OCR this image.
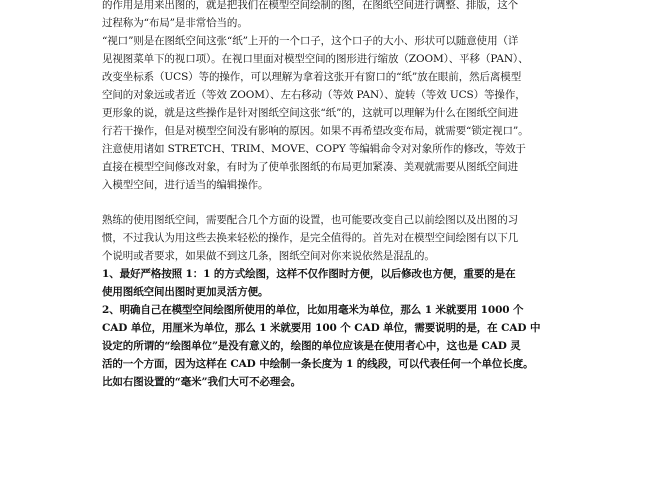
的作用是用来出图的，就是把我们在模型空间绘制的图，在图纸空间进行调整、排版，这个
过程称为“布局”是非常恰当的。
“视口”则是在图纸空间这张“纸”上开的一个口子，这个口子的大小、形状可以随意使用（详
见视图菜单下的视口项）。在视口里面对模型空间的图形进行缩放（ZOOM）、平移（PAN）、
改变坐标系（UCS）等的操作，可以理解为拿着这张开有窗口的“纸”放在眼前，然后离模型
空间的对象远或者近（等效 ZOOM）、左右移动（等效 PAN）、旋转（等效 UCS）等操作，
更形象的说，就是这些操作是针对图纸空间这张“纸”的，这就可以理解为什么在图纸空间进
行若干操作，但是对模型空间没有影响的原因。如果不再希望改变布局，就需要“锁定视口”。
注意使用诸如 STRETCH、TRIM、MOVE、COPY 等编辑命令对对象所作的修改，等效于
直接在模型空间修改对象，有时为了使单张图纸的布局更加紧凑、美观就需要从图纸空间进
入模型空间，进行适当的编辑操作。
熟练的使用图纸空间，需要配合几个方面的设置，也可能要改变自己以前绘图以及出图的习
惯，不过我认为用这些去换来轻松的操作，是完全值得的。首先对在模型空间绘图有以下几
个说明或者要求，如果做不到这几条，图纸空间对你来说依然是混乱的。
1、最好严格按照 1：1 的方式绘图，这样不仅作图时方便，以后修改也方便，重要的是在
使用图纸空间出图时更加灵活方便。
2、明确自己在模型空间绘图所使用的单位，比如用毫米为单位，那么 1 米就要用 1000 个
CAD 单位，用厘米为单位，那么 1 米就要用 100 个 CAD 单位，需要说明的是，在 CAD 中
设定的所谓的“绘图单位”是没有意义的，绘图的单位应该是在使用者心中，这也是 CAD 灵
活的一个方面，因为这样在 CAD 中绘制一条长度为 1 的线段，可以代表任何一个单位长度。
比如右图设置的“毫米”我们大可不必理会。
